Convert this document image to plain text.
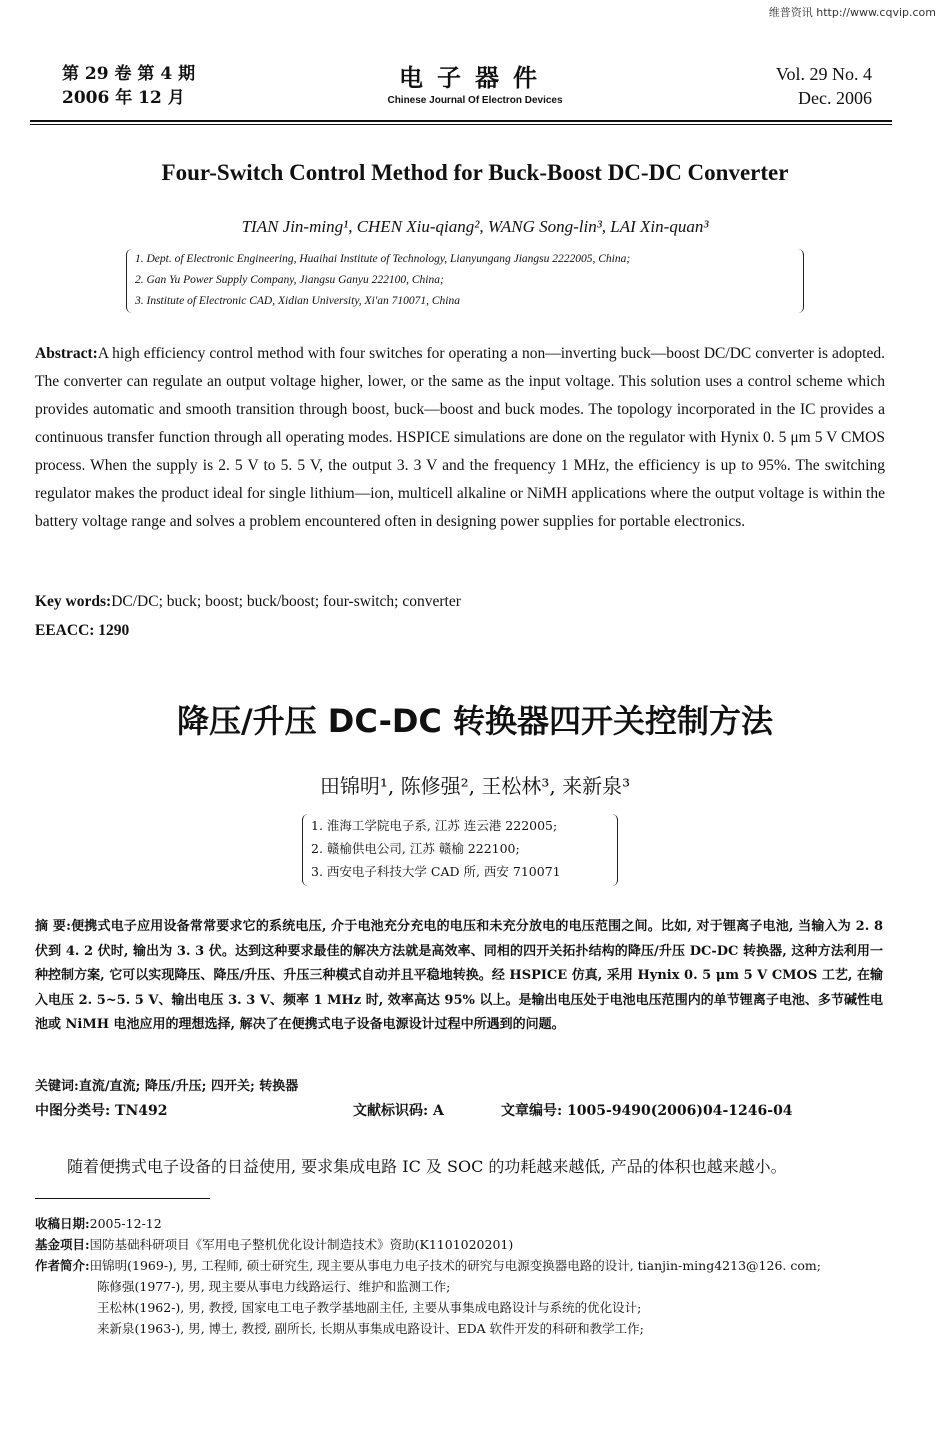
维普资讯 http://www.cqvip.com
第 29 卷 第 4 期
2006 年 12 月
电子器件
Chinese Journal Of Electron Devices
Vol. 29 No. 4
Dec. 2006
Four-Switch Control Method for Buck-Boost DC-DC Converter
TIAN Jin-ming¹, CHEN Xiu-qiang², WANG Song-lin³, LAI Xin-quan³
1. Dept. of Electronic Engineering, Huaihai Institute of Technology, Lianyungang Jiangsu 2222005, China;
2. Gan Yu Power Supply Company, Jiangsu Ganyu 222100, China;
3. Institute of Electronic CAD, Xidian University, Xi'an 710071, China
Abstract:A high efficiency control method with four switches for operating a non—inverting buck—boost DC/DC converter is adopted. The converter can regulate an output voltage higher, lower, or the same as the input voltage. This solution uses a control scheme which provides automatic and smooth transition through boost, buck—boost and buck modes. The topology incorporated in the IC provides a continuous transfer function through all operating modes. HSPICE simulations are done on the regulator with Hynix 0. 5 μm 5 V CMOS process. When the supply is 2. 5 V to 5. 5 V, the output 3. 3 V and the frequency 1 MHz, the efficiency is up to 95%. The switching regulator makes the product ideal for single lithium—ion, multicell alkaline or NiMH applications where the output voltage is within the battery voltage range and solves a problem encountered often in designing power supplies for portable electronics.
Key words:DC/DC; buck; boost; buck/boost; four-switch; converter
EEACC: 1290
降压/升压 DC-DC 转换器四开关控制方法
田锦明¹, 陈修强², 王松林³, 来新泉³
1. 淮海工学院电子系, 江苏 连云港 222005;
2. 赣榆供电公司, 江苏 赣榆 222100;
3. 西安电子科技大学 CAD 所, 西安 710071
摘 要:便携式电子应用设备常常要求它的系统电压, 介于电池充分充电的电压和未充分放电的电压范围之间。比如, 对于锂离子电池, 当输入为 2. 8 伏到 4. 2 伏时, 输出为 3. 3 伏。达到这种要求最佳的解决方法就是高效率、同相的四开关拓扑结构的降压/升压 DC-DC 转换器, 这种方法利用一种控制方案, 它可以实现降压、降压/升压、升压三种模式自动并且平稳地转换。经 HSPICE 仿真, 采用 Hynix 0. 5 μm 5 V CMOS 工艺, 在输入电压 2. 5~5. 5 V、输出电压 3. 3 V、频率 1 MHz 时, 效率高达 95% 以上。是输出电压处于电池电压范围内的单节锂离子电池、多节碱性电池或 NiMH 电池应用的理想选择, 解决了在便携式电子设备电源设计过程中所遇到的问题。
关键词:直流/直流; 降压/升压; 四开关; 转换器
中图分类号: TN492	文献标识码: A	文章编号: 1005-9490(2006)04-1246-04
随着便携式电子设备的日益使用, 要求集成电路 IC 及 SOC 的功耗越来越低, 产品的体积也越来越小。
收稿日期:2005-12-12
基金项目:国防基础科研项目《军用电子整机优化设计制造技术》资助(K1101020201)
作者简介:田锦明(1969-), 男, 工程师, 硕士研究生, 现主要从事电力电子技术的研究与电源变换器电路的设计, tianjin-ming4213@126. com;
陈修强(1977-), 男, 现主要从事电力线路运行、维护和监测工作;
王松林(1962-), 男, 教授, 国家电工电子教学基地副主任, 主要从事集成电路设计与系统的优化设计;
来新泉(1963-), 男, 博士, 教授, 副所长, 长期从事集成电路设计、EDA 软件开发的科研和教学工作;
